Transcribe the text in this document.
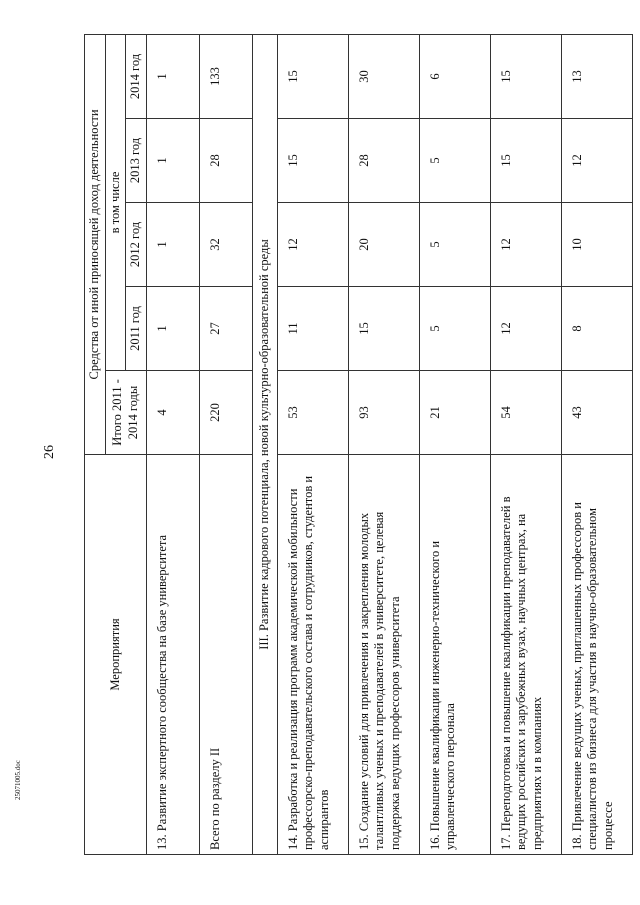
26
25071005.doc
Мероприятия	Средства от иной приносящей доход деятельности				
	Итого 2011 - 2014 годы	в том числе			
		2011 год	2012 год	2013 год	2014 год
13. Развитие экспертного сообщества на базе университета	4	1	1	1	1
Всего по разделу II	220	27	32	28	133
III. Развитие кадрового потенциала, новой культурно-образовательной среды					
14. Разработка и реализация программ академической мобильности профессорско-преподавательского состава и сотрудников, студентов и аспирантов	53	11	12	15	15
15. Создание условий для привлечения и закрепления молодых талантливых ученых и преподавателей в университете, целевая поддержка ведущих профессоров университета	93	15	20	28	30
16. Повышение квалификации инженерно-технического и управленческого персонала	21	5	5	5	6
17. Переподготовка и повышение квалификации преподавателей в ведущих российских и зарубежных вузах, научных центрах, на предприятиях и в компаниях	54	12	12	15	15
18. Привлечение ведущих ученых, приглашенных профессоров и специалистов из бизнеса для участия в научно-образовательном процессе	43	8	10	12	13
